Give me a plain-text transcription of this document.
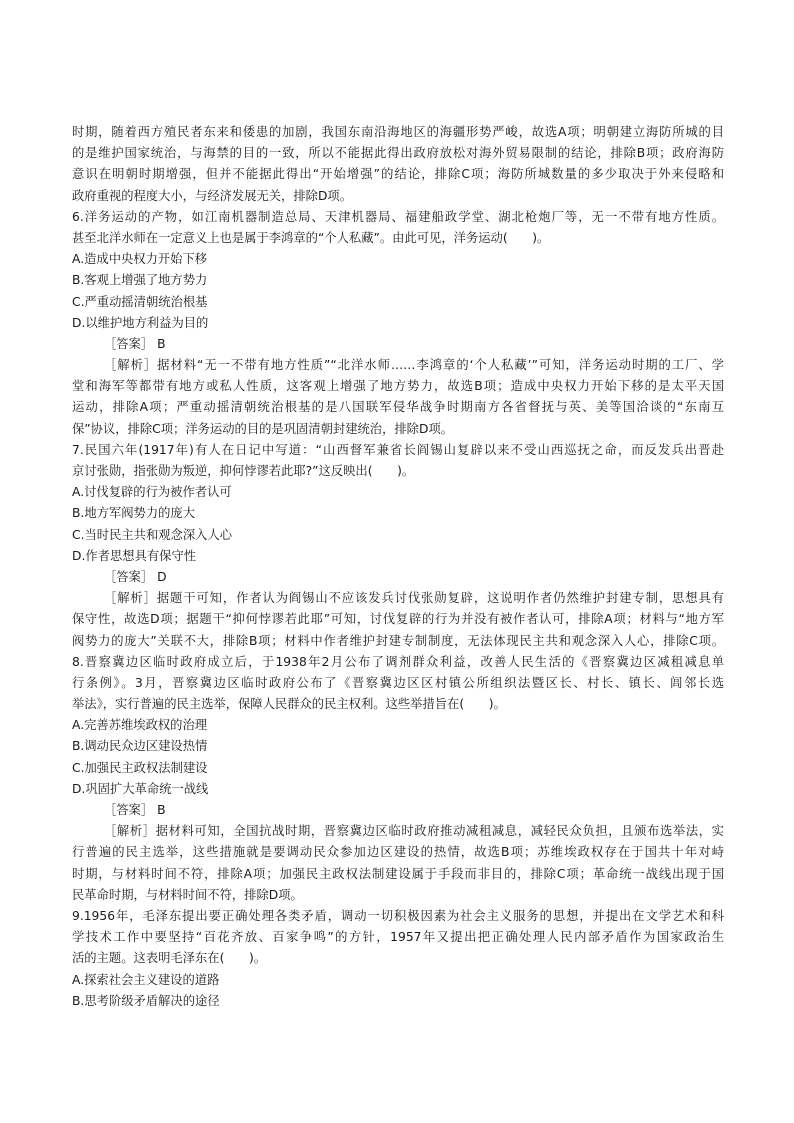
时期，随着西方殖民者东来和倭患的加剧，我国东南沿海地区的海疆形势严峻，故选A项；明朝建立海防所城的目
的是维护国家统治，与海禁的目的一致，所以不能据此得出政府放松对海外贸易限制的结论，排除B项；政府海防
意识在明朝时期增强，但并不能据此得出“开始增强”的结论，排除C项；海防所城数量的多少取决于外来侵略和
政府重视的程度大小，与经济发展无关，排除D项。
6.洋务运动的产物，如江南机器制造总局、天津机器局、福建船政学堂、湖北枪炮厂等，无一不带有地方性质。
甚至北洋水师在一定意义上也是属于李鸿章的“个人私藏”。由此可见，洋务运动(　　)。
A.造成中央权力开始下移
B.客观上增强了地方势力
C.严重动摇清朝统治根基
D.以维护地方利益为目的
［答案］ B
［解析］据材料“无一不带有地方性质”“北洋水师……李鸿章的‘个人私藏’”可知，洋务运动时期的工厂、学
堂和海军等都带有地方或私人性质，这客观上增强了地方势力，故选B项；造成中央权力开始下移的是太平天国
运动，排除A项；严重动摇清朝统治根基的是八国联军侵华战争时期南方各省督抚与英、美等国洽谈的“东南互
保”协议，排除C项；洋务运动的目的是巩固清朝封建统治，排除D项。
7.民国六年(1917年)有人在日记中写道：“山西督军兼省长阎锡山复辟以来不受山西巡抚之命，而反发兵出晋赴
京讨张勋，指张勋为叛逆，抑何悖谬若此耶?”这反映出(　　)。
A.讨伐复辟的行为被作者认可
B.地方军阀势力的庞大
C.当时民主共和观念深入人心
D.作者思想具有保守性
［答案］ D
［解析］据题干可知，作者认为阎锡山不应该发兵讨伐张勋复辟，这说明作者仍然维护封建专制，思想具有
保守性，故选D项；据题干“抑何悖谬若此耶”可知，讨伐复辟的行为并没有被作者认可，排除A项；材料与“地方军
阀势力的庞大”关联不大，排除B项；材料中作者维护封建专制制度，无法体现民主共和观念深入人心，排除C项。
8.晋察冀边区临时政府成立后，于1938年2月公布了调剂群众利益，改善人民生活的《晋察冀边区减租减息单
行条例》。3月，晋察冀边区临时政府公布了《晋察冀边区区村镇公所组织法暨区长、村长、镇长、闾邻长选
举法》，实行普遍的民主选举，保障人民群众的民主权利。这些举措旨在(　　)。
A.完善苏维埃政权的治理
B.调动民众边区建设热情
C.加强民主政权法制建设
D.巩固扩大革命统一战线
［答案］ B
［解析］据材料可知，全国抗战时期，晋察冀边区临时政府推动减租减息，减轻民众负担，且颁布选举法，实
行普遍的民主选举，这些措施就是要调动民众参加边区建设的热情，故选B项；苏维埃政权存在于国共十年对峙
时期，与材料时间不符，排除A项；加强民主政权法制建设属于手段而非目的，排除C项；革命统一战线出现于国
民革命时期，与材料时间不符，排除D项。
9.1956年，毛泽东提出要正确处理各类矛盾，调动一切积极因素为社会主义服务的思想，并提出在文学艺术和科
学技术工作中要坚持“百花齐放、百家争鸣”的方针，1957年又提出把正确处理人民内部矛盾作为国家政治生
活的主题。这表明毛泽东在(　　)。
A.探索社会主义建设的道路
B.思考阶级矛盾解决的途径
